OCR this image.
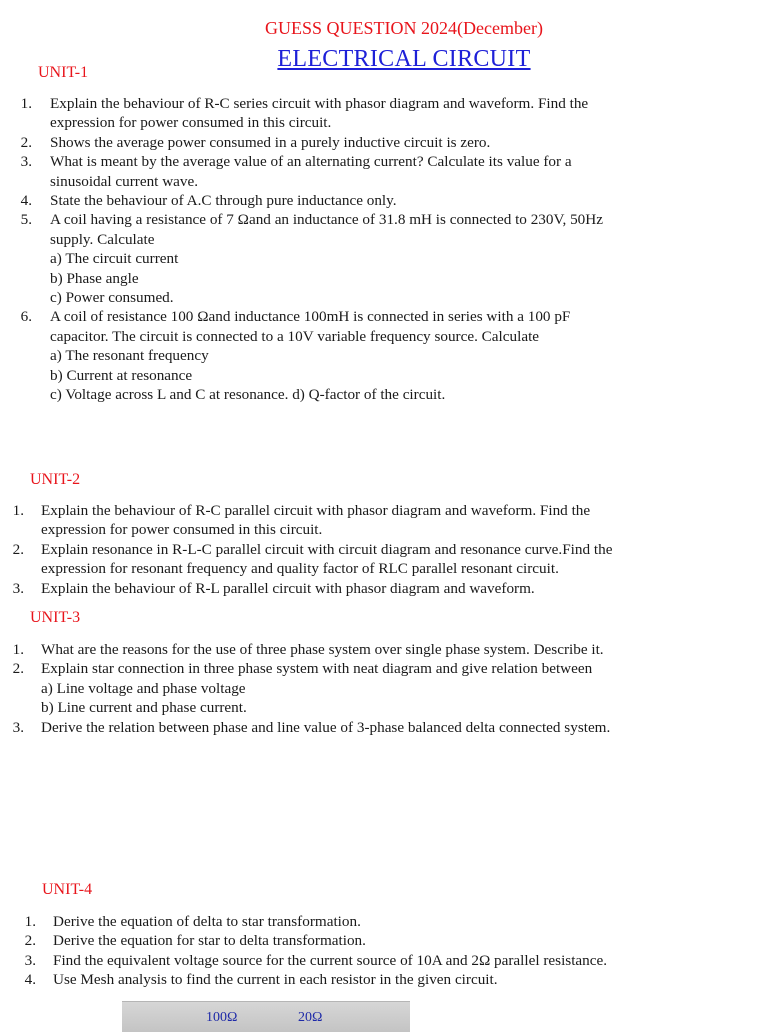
GUESS QUESTION 2024(December)
ELECTRICAL CIRCUIT
UNIT-1
1. Explain the behaviour of R-C series circuit with phasor diagram and waveform. Find the
expression for power consumed in this circuit.
2. Shows the average power consumed in a purely inductive circuit is zero.
3. What is meant by the average value of an alternating current? Calculate its value for a
sinusoidal current wave.
4. State the behaviour of A.C through pure inductance only.
5. A coil having a resistance of 7 Ωand an inductance of 31.8 mH is connected to 230V, 50Hz
supply. Calculate
a) The circuit current
b) Phase angle
c) Power consumed.
6. A coil of resistance 100 Ωand inductance 100mH is connected in series with a 100 pF
capacitor. The circuit is connected to a 10V variable frequency source. Calculate
a) The resonant frequency
b) Current at resonance
c) Voltage across L and C at resonance. d) Q-factor of the circuit.
UNIT-2
1. Explain the behaviour of R-C parallel circuit with phasor diagram and waveform. Find the
expression for power consumed in this circuit.
2. Explain resonance in R-L-C parallel circuit with circuit diagram and resonance curve.Find the
expression for resonant frequency and quality factor of RLC parallel resonant circuit.
3. Explain the behaviour of R-L parallel circuit with phasor diagram and waveform.
UNIT-3
1. What are the reasons for the use of three phase system over single phase system. Describe it.
2. Explain star connection in three phase system with neat diagram and give relation between
a) Line voltage and phase voltage
b) Line current and phase current.
3. Derive the relation between phase and line value of 3-phase balanced delta connected system.
UNIT-4
1. Derive the equation of delta to star transformation.
2. Derive the equation for star to delta transformation.
3. Find the equivalent voltage source for the current source of 10A and 2Ω parallel resistance.
4. Use Mesh analysis to find the current in each resistor in the given circuit.
100Ω	20Ω
